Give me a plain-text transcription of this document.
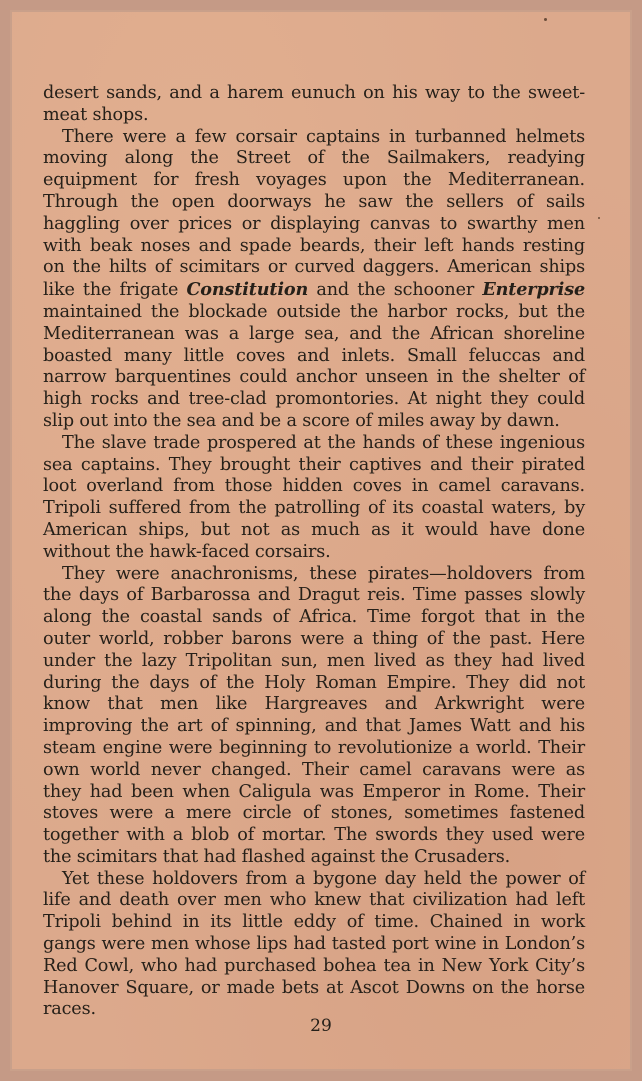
desert sands, and a harem eunuch on his way to the sweet-meat shops.

There were a few corsair captains in turbanned helmets moving along the Street of the Sailmakers, readying equipment for fresh voyages upon the Mediterranean. Through the open doorways he saw the sellers of sails haggling over prices or displaying canvas to swarthy men with beak noses and spade beards, their left hands resting on the hilts of scimitars or curved daggers. American ships like the frigate Constitution and the schooner Enterprise maintained the blockade outside the harbor rocks, but the Mediterranean was a large sea, and the African shoreline boasted many little coves and inlets. Small feluccas and narrow barquentines could anchor unseen in the shelter of high rocks and tree-clad promontories. At night they could slip out into the sea and be a score of miles away by dawn.

The slave trade prospered at the hands of these ingenious sea captains. They brought their captives and their pirated loot overland from those hidden coves in camel caravans. Tripoli suffered from the patrolling of its coastal waters, by American ships, but not as much as it would have done without the hawk-faced corsairs.

They were anachronisms, these pirates—holdovers from the days of Barbarossa and Dragut reis. Time passes slowly along the coastal sands of Africa. Time forgot that in the outer world, robber barons were a thing of the past. Here under the lazy Tripolitan sun, men lived as they had lived during the days of the Holy Roman Empire. They did not know that men like Hargreaves and Arkwright were improving the art of spinning, and that James Watt and his steam engine were beginning to revolutionize a world. Their own world never changed. Their camel caravans were as they had been when Caligula was Emperor in Rome. Their stoves were a mere circle of stones, sometimes fastened together with a blob of mortar. The swords they used were the scimitars that had flashed against the Crusaders.

Yet these holdovers from a bygone day held the power of life and death over men who knew that civilization had left Tripoli behind in its little eddy of time. Chained in work gangs were men whose lips had tasted port wine in London’s Red Cowl, who had purchased bohea tea in New York City’s Hanover Square, or made bets at Ascot Downs on the horse races.

29
